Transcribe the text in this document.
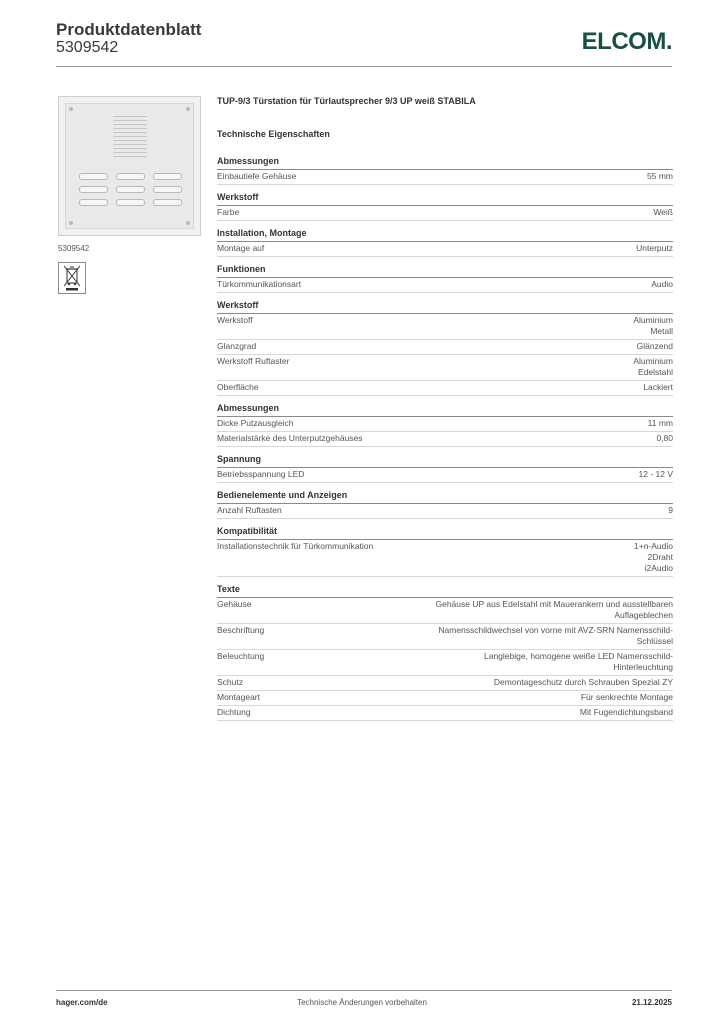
Produktdatenblatt
5309542	ELCOM.
5309542
TUP-9/3 Türstation für Türlautsprecher 9/3 UP weiß STABILA
Technische Eigenschaften
Abmessungen
Einbautiefe Gehäuse	55 mm
Werkstoff
Farbe	Weiß
Installation, Montage
Montage auf	Unterputz
Funktionen
Türkommunikationsart	Audio
Werkstoff
Werkstoff	Aluminium
Metall
Glanzgrad	Glänzend
Werkstoff Ruftaster	Aluminium
Edelstahl
Oberfläche	Lackiert
Abmessungen
Dicke Putzausgleich	11 mm
Materialstärke des Unterputzgehäuses	0,80
Spannung
Betriebsspannung LED	12 - 12 V
Bedienelemente und Anzeigen
Anzahl Ruftasten	9
Kompatibilität
Installationstechnik für Türkommunikation	1+n-Audio
2Draht
i2Audio
Texte
Gehäuse	Gehäuse UP aus Edelstahl mit Mauerankern und ausstellbaren
Auflageblechen
Beschriftung	Namensschildwechsel von vorne mit AVZ-SRN Namensschild-
Schlüssel
Beleuchtung	Langlebige, homogene weiße LED Namensschild-
Hinterleuchtung
Schutz	Demontageschutz durch Schrauben Spezial ZY
Montageart	Für senkrechte Montage
Dichtung	Mit Fugendichtungsband
hager.com/de	Technische Änderungen vorbehalten	21.12.2025
